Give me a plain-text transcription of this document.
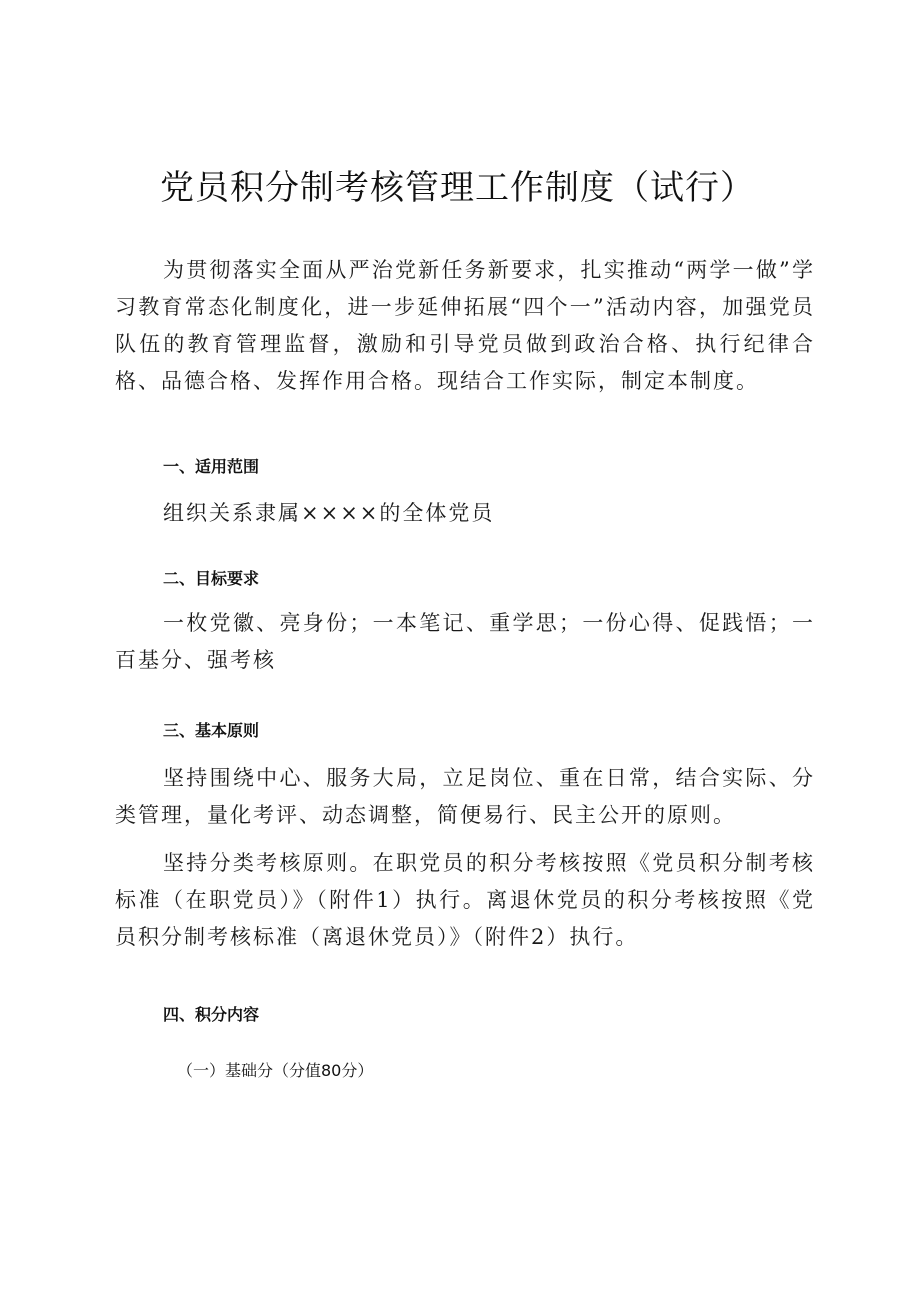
党员积分制考核管理工作制度（试行）

为贯彻落实全面从严治党新任务新要求，扎实推动“两学一做”学习教育常态化制度化，进一步延伸拓展“四个一”活动内容，加强党员队伍的教育管理监督，激励和引导党员做到政治合格、执行纪律合格、品德合格、发挥作用合格。现结合工作实际，制定本制度。

一、适用范围

组织关系隶属××××的全体党员

二、目标要求

一枚党徽、亮身份；一本笔记、重学思；一份心得、促践悟；一百基分、强考核

三、基本原则

坚持围绕中心、服务大局，立足岗位、重在日常，结合实际、分类管理，量化考评、动态调整，简便易行、民主公开的原则。

坚持分类考核原则。在职党员的积分考核按照《党员积分制考核标准（在职党员）》（附件1）执行。离退休党员的积分考核按照《党员积分制考核标准（离退休党员）》（附件2）执行。

四、积分内容
（一）基础分（分值80分）
